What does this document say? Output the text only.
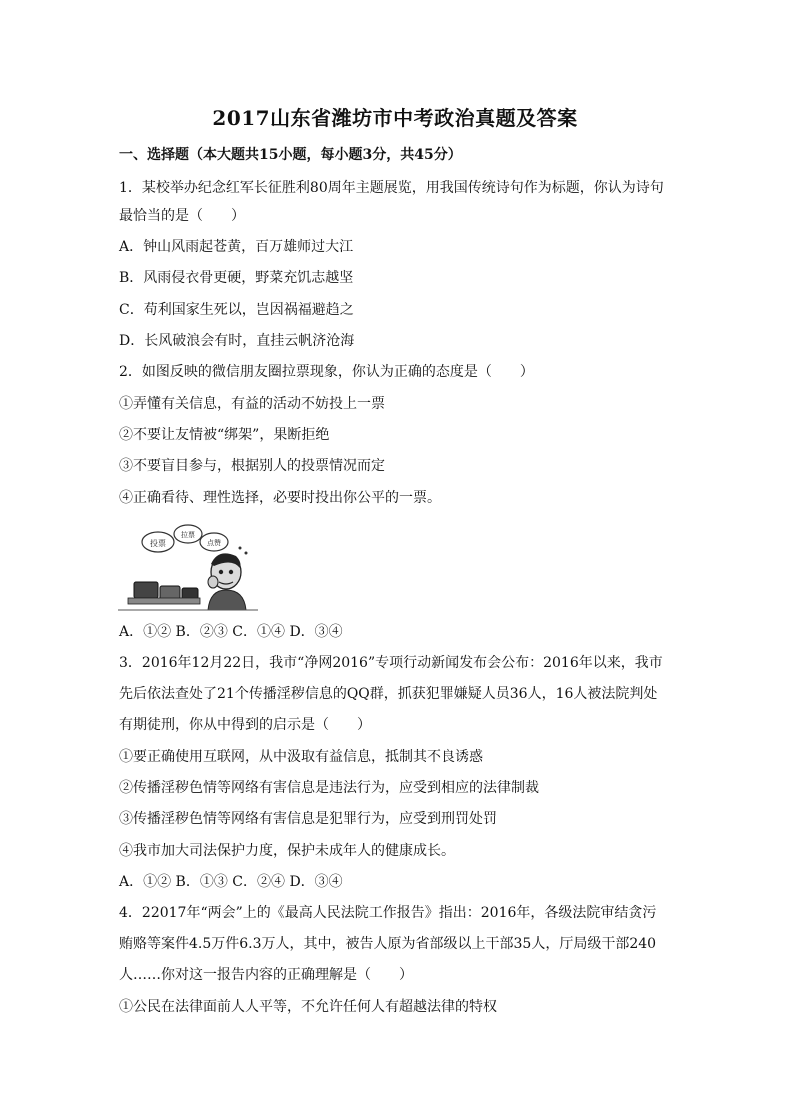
2017山东省潍坊市中考政治真题及答案
一、选择题（本大题共15小题，每小题3分，共45分）
1．某校举办纪念红军长征胜利80周年主题展览，用我国传统诗句作为标题，你认为诗句
最恰当的是（　　）
A．钟山风雨起苍黄，百万雄师过大江
B．风雨侵衣骨更硬，野菜充饥志越坚
C．苟利国家生死以，岂因祸福避趋之
D．长风破浪会有时，直挂云帆济沧海
2．如图反映的微信朋友圈拉票现象，你认为正确的态度是（　　）
①弄懂有关信息，有益的活动不妨投上一票
②不要让友情被“绑架”，果断拒绝
③不要盲目参与，根据别人的投票情况而定
④正确看待、理性选择，必要时投出你公平的一票。
投票
拉票
点赞
A．①② B．②③ C．①④ D．③④
3．2016年12月22日，我市“净网2016”专项行动新闻发布会公布：2016年以来，我市
先后依法查处了21个传播淫秽信息的QQ群，抓获犯罪嫌疑人员36人，16人被法院判处
有期徒刑，你从中得到的启示是（　　）
①要正确使用互联网，从中汲取有益信息，抵制其不良诱惑
②传播淫秽色情等网络有害信息是违法行为，应受到相应的法律制裁
③传播淫秽色情等网络有害信息是犯罪行为，应受到刑罚处罚
④我市加大司法保护力度，保护未成年人的健康成长。
A．①② B．①③ C．②④ D．③④
4．22017年“两会”上的《最高人民法院工作报告》指出：2016年，各级法院审结贪污
贿赂等案件4.5万件6.3万人，其中，被告人原为省部级以上干部35人，厅局级干部240
人……你对这一报告内容的正确理解是（　　）
①公民在法律面前人人平等，不允许任何人有超越法律的特权
